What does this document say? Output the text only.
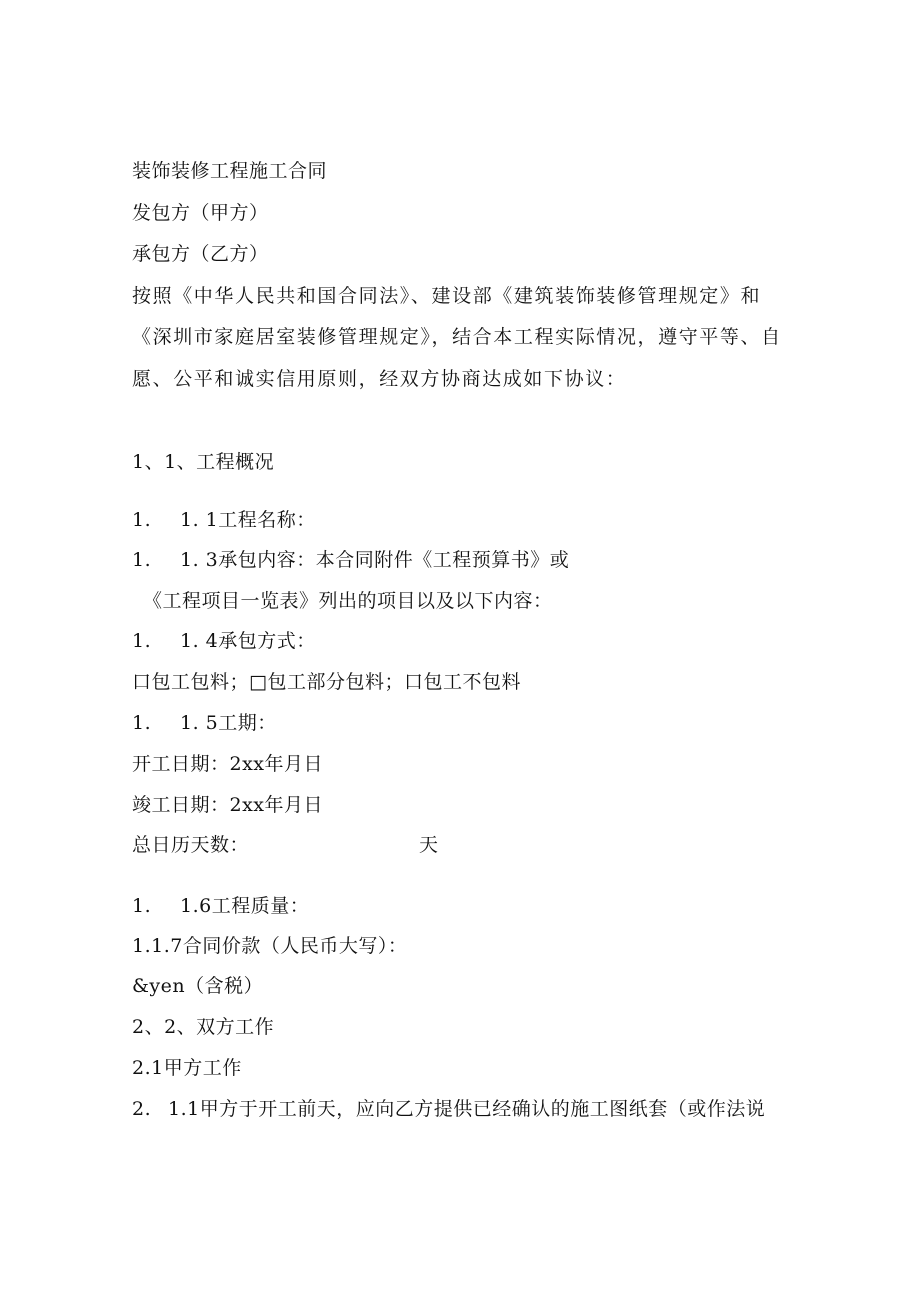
装饰装修工程施工合同
发包方（甲方）
承包方（乙方）
按照《中华人民共和国合同法》、建设部《建筑装饰装修管理规定》和
《深圳市家庭居室装修管理规定》，结合本工程实际情况，遵守平等、自
愿、公平和诚实信用原则，经双方协商达成如下协议：
1、1、工程概况
1. 1. 1工程名称：
1. 1. 3承包内容：本合同附件《工程预算书》或
《工程项目一览表》列出的项目以及以下内容：
1. 1. 4承包方式：
口包工包料；□包工部分包料；口包工不包料
1. 1. 5工期：
开工日期：2xx年月日
竣工日期：2xx年月日
总日历天数：	天
1. 1.6工程质量：
1.1.7合同价款（人民币大写）：
&yen（含税）
2、2、双方工作
2.1甲方工作
2. 1.1甲方于开工前天，应向乙方提供已经确认的施工图纸套（或作法说
